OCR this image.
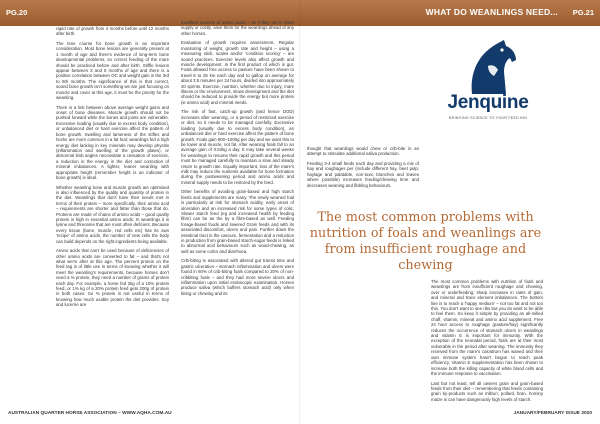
PG.20	WHAT DO WEANLINGS NEED... PG.21

rapid rate of growth from 4 months before until 12 months after birth.

The time course for bone growth is an important consideration. Most bone lesions are generally present at 1 month of age and there's evidence of long-term bone developmental problems, so correct feeding of the mare should be practiced before and after birth. Stiffle lesions appear between 3 and 5 months of age and there is a positive correlation between OC and weight gain in the 3rd to 5th months. The significance of this is that correct, sound bone growth isn't something we are just focusing on muscle and cover at this age, it must be the priority for the weanling.

There is a link between above average weight gains and onset of bone diseases. Muscle growth should not be pushed forward while the bones and joints are vulnerable. Excessive loading (usually due to excess body condition), or unbalanced diet or hard exercise affect the pattern of bone growth. Swelling and lameness of the stifles and hocks are more common in a fat foal; weanlings fed a high energy diet lacking in key minerals may develop physitis (inflammation and swelling of the growth plates), or abnormal limb angles necessitate a cessation of exercise, a reduction in the energy in the diet and correction of mineral imbalances. A lighter, leaner weanling with appropriate height (remember height is an indicator of bone growth) is ideal.

Whether weanling bone and muscle growth are optimised is also influenced by the quality and quantity of protein in the diet. Weanlings that don't have their needs met in terms of their protein – more specifically, their amino acid – requirements are shorter and fatter than those that do. Proteins are made of chains of amino acids – good quality protein is high in essential amino acids. In weanlings it is lysine and threonine that are most often deficient. Because every tissue (bone, muscle, red cells etc) has its own 'recipe' of amino acids, the number of new cells the body can build depends on the right ingredients being available.

Amino acids that can't be used because of deficiencies of other amino acids are converted to fat – and that's not what we're after at this age. The percent protein on the feed tag is of little use in terms of knowing whether it will meet the weanling's requirements, because horses don't need a % protein, they need a number of grams of protein each day. For example, a horse fed 2kg of a 10% protein feed, or 1% kg of a 20% protein feed gets 200g of protein in both cases. So % protein is not useful in terms of knowing how much usable protein the diet provides. Soy and lucerne are

excellent sources of amino acids – so if they are in short supply or costly, save them for the weanlings ahead of any other horses.

Evaluation of growth requires assessment. Regular monitoring of weight, growth rate and height – using a measuring stick, scales and/or 'condition scoring' – are sound practices. Exercise levels also affect growth and muscle development. In the first product of which is gut. Foals allowed free access to pasture have been shown to travel 6 to 25 km each day and to gallop on average for about 3.5 minutes per 24 hours, divided into approximately 40 sprints. Exercise, nutrition, whether due to injury, mare illness or the environment, slows development and the diet should be reduced to provide the energy but more protein (ie amino acid) and mineral needs.

The risk of fast, catch-up growth (and hence DOD) increases after weaning, or a period of restricted exercise or diet, so it needs to be managed carefully. Excessive loading (usually due to excess body condition), an unbalanced diet or hard exercise affect the pattern of bone growth. Foals gain 800–1000g per day and we want this to be lower and muscle, not fat. After weaning foals fall to an average gain of 0.53kg a day. It may take several weeks for weanlings to resume their rapid growth and this period must be managed carefully to maintain a slow and steady return to growth rate. Equally important, loss of the mare's milk may reduce the nutrients available for bone formation during the postweaning period and amino acids and mineral supply needs to be restored by the feed.

Other benefits of avoiding grain-based and high starch feeds and supplements are many. The newly weaned foal is particularly at risk for stomach acidity, early onset of ulceration and an increased risk for some types of colic. Slower starch feed (eg and increased health by feeding fibre) can be as the by a fibre-based as well. Feeding forage-based foods and lowered Grain feeds and with its associated discomfort, ulcers and pain. Further down the intestinal tract in the caecum, fermentation and a reduction in production from grain-based starch-sugar feeds is linked to abnormal acid behaviours such as wood-chewing, as well as some colics and diarrhoea.

Crib-biting is associated with altered gut transit time and gastric ulceration – stomach inflammation and ulcers were found in 60% of crib-biting foals compared to 20% of non-cribbiting foals – and they had more severe ulcers and inflammation upon initial endoscopic examination. Horses produce saliva (which buffers stomach acid) only when biting or chewing and its

Jenquine
BRINGING SCIENCE TO YOUR FEED BIN

thought that weanlings would chew or crib-bite in an attempt to stimulate additional saliva production.

Feeding 3-4 small feeds each day and providing a mix of hay and roughages per (include different hay, beet pulp, haylage and palatable, non-toxic branches and leaves where possible) increases feeding/chewing time and decreases weaning and fibbling behaviours.

The most common problems with nutrition of foals and weanlings are from insufficient roughage and chewing

The most common problems with nutrition of foals and weanlings are from insufficient roughage and chewing, over or underfeeding; sharp increases in rates of gain, and mineral and trace element imbalances. The bottom line is to reach a 'happy medium' – not too fat and not too thin. You don't want to see ribs but you do want to be able to feel them. So keep it simple by providing an all-milled chaff, vitamin, mineral and amino acid supplement. Free 24 hour access to roughage (pasture/hay) significantly reduces the occurrence of stomach ulcers in weanlings and vitamin E is important for immunity. With the exception of the neonatal period, foals are at their most vulnerable in the period after weaning. The immunity they received from the mare's colostrum has waned and their own immune system hasn't begun to reach peak efficiency. Vitamin E supplementation has been shown to increase both the killing capacity of white blood cells and the immune response to vaccination.

Last but not least, tell all owners grain and grain-based feeds from their diet – remembering that feeds containing grain by-products such as millrun, pollard, bran, hominy maize is can have dangerously high levels of starch.

AUSTRALIAN QUARTER HORSE ASSOCIATION – WWW.AQHA.COM.AU	JANUARY/FEBRUARY ISSUE 2020
